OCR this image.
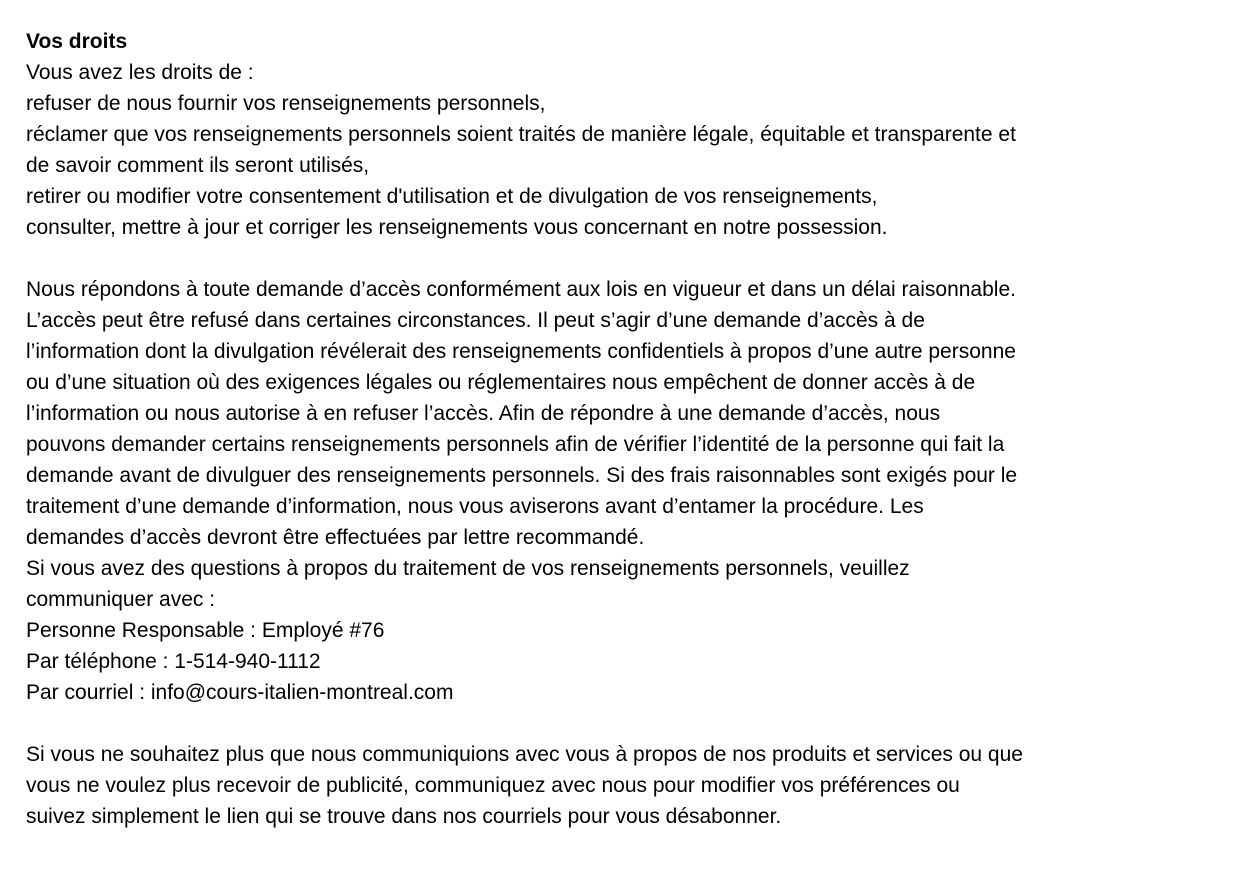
Vos droits
Vous avez les droits de :
refuser de nous fournir vos renseignements personnels,
réclamer que vos renseignements personnels soient traités de manière légale, équitable et transparente et
de savoir comment ils seront utilisés,
retirer ou modifier votre consentement d'utilisation et de divulgation de vos renseignements,
consulter, mettre à jour et corriger les renseignements vous concernant en notre possession.
Nous répondons à toute demande d’accès conformément aux lois en vigueur et dans un délai raisonnable.
L’accès peut être refusé dans certaines circonstances. Il peut s’agir d’une demande d’accès à de
l’information dont la divulgation révélerait des renseignements confidentiels à propos d’une autre personne
ou d’une situation où des exigences légales ou réglementaires nous empêchent de donner accès à de
l’information ou nous autorise à en refuser l’accès. Afin de répondre à une demande d’accès, nous
pouvons demander certains renseignements personnels afin de vérifier l’identité de la personne qui fait la
demande avant de divulguer des renseignements personnels. Si des frais raisonnables sont exigés pour le
traitement d’une demande d’information, nous vous aviserons avant d’entamer la procédure. Les
demandes d’accès devront être effectuées par lettre recommandé.
Si vous avez des questions à propos du traitement de vos renseignements personnels, veuillez
communiquer avec :
Personne Responsable : Employé #76
Par téléphone : 1-514-940-1112
Par courriel : info@cours-italien-montreal.com
Si vous ne souhaitez plus que nous communiquions avec vous à propos de nos produits et services ou que
vous ne voulez plus recevoir de publicité, communiquez avec nous pour modifier vos préférences ou
suivez simplement le lien qui se trouve dans nos courriels pour vous désabonner.
